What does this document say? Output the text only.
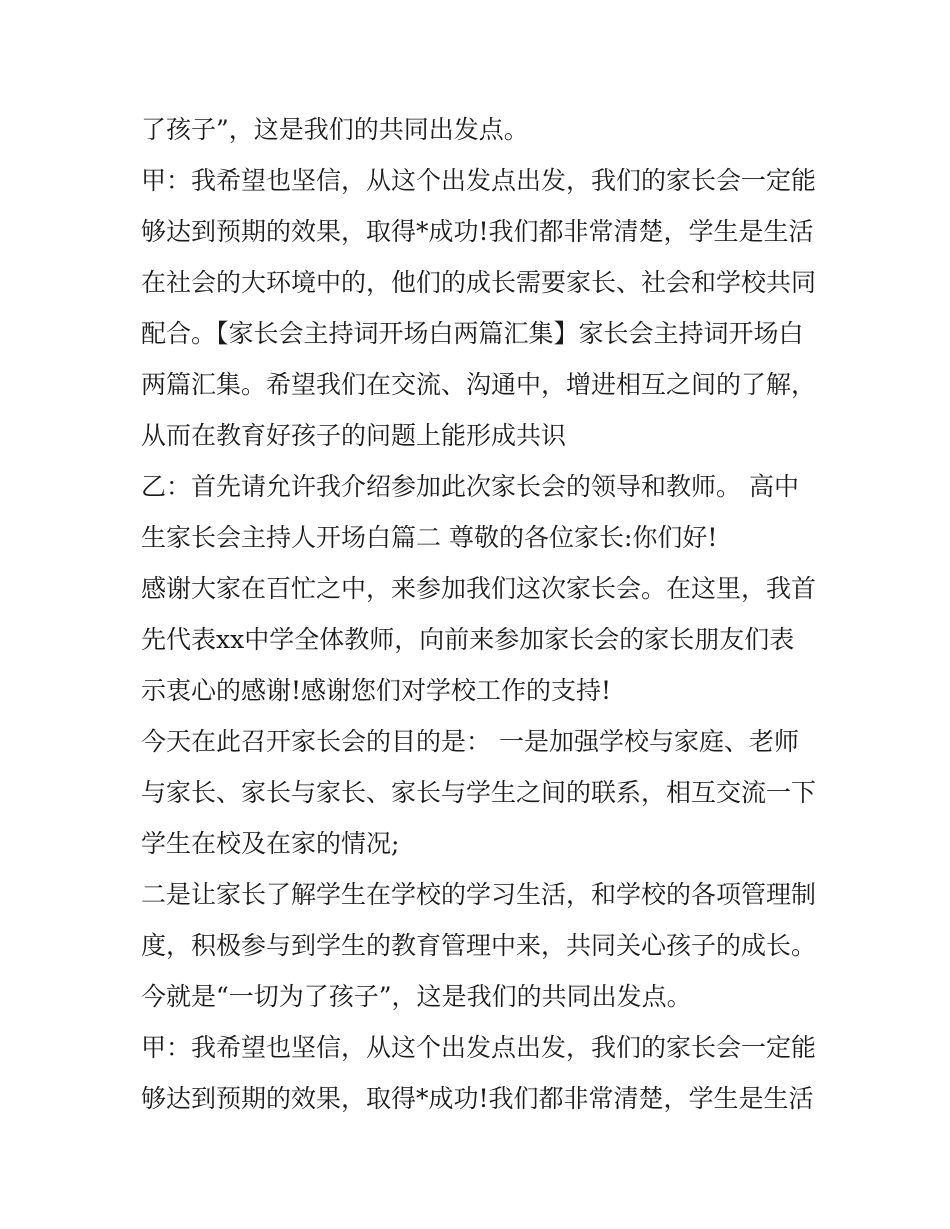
了孩子”，这是我们的共同出发点。
甲：我希望也坚信，从这个出发点出发，我们的家长会一定能
够达到预期的效果，取得*成功!我们都非常清楚，学生是生活
在社会的大环境中的，他们的成长需要家长、社会和学校共同
配合。【家长会主持词开场白两篇汇集】家长会主持词开场白
两篇汇集。希望我们在交流、沟通中，增进相互之间的了解，
从而在教育好孩子的问题上能形成共识
乙：首先请允许我介绍参加此次家长会的领导和教师。 高中
生家长会主持人开场白篇二 尊敬的各位家长:你们好!
感谢大家在百忙之中，来参加我们这次家长会。在这里，我首
先代表xx中学全体教师，向前来参加家长会的家长朋友们表
示衷心的感谢!感谢您们对学校工作的支持!
今天在此召开家长会的目的是： 一是加强学校与家庭、老师
与家长、家长与家长、家长与学生之间的联系，相互交流一下
学生在校及在家的情况;
二是让家长了解学生在学校的学习生活，和学校的各项管理制
度，积极参与到学生的教育管理中来，共同关心孩子的成长。
今就是“一切为了孩子”，这是我们的共同出发点。
甲：我希望也坚信，从这个出发点出发，我们的家长会一定能
够达到预期的效果，取得*成功!我们都非常清楚，学生是生活
